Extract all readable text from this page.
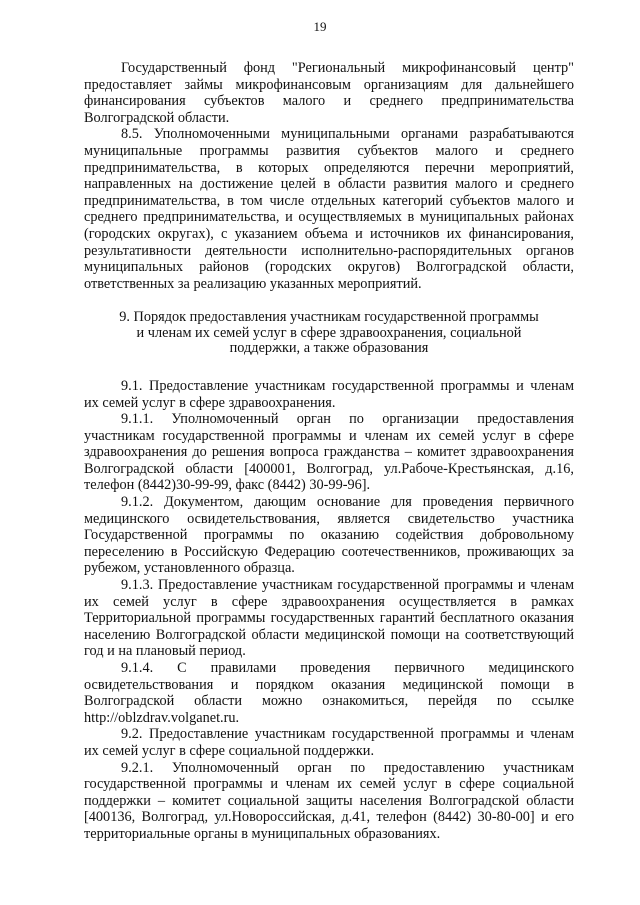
19

Государственный фонд "Региональный микрофинансовый центр" предоставляет займы микрофинансовым организациям для дальнейшего финансирования субъектов малого и среднего предпринимательства Волгоградской области.

8.5. Уполномоченными муниципальными органами разрабатываются муниципальные программы развития субъектов малого и среднего предпринимательства, в которых определяются перечни мероприятий, направленных на достижение целей в области развития малого и среднего предпринимательства, в том числе отдельных категорий субъектов малого и среднего предпринимательства, и осуществляемых в муниципальных районах (городских округах), с указанием объема и источников их финансирования, результативности деятельности исполнительно-распорядительных органов муниципальных районов (городских округов) Волгоградской области, ответственных за реализацию указанных мероприятий.

9. Порядок предоставления участникам государственной программы
и членам их семей услуг в сфере здравоохранения, социальной
поддержки, а также образования

9.1. Предоставление участникам государственной программы и членам их семей услуг в сфере здравоохранения.

9.1.1. Уполномоченный орган по организации предоставления участникам государственной программы и членам их семей услуг в сфере здравоохранения до решения вопроса гражданства – комитет здравоохранения Волгоградской области [400001, Волгоград, ул.Рабоче-Крестьянская, д.16, телефон (8442)30-99-99, факс (8442) 30-99-96].

9.1.2. Документом, дающим основание для проведения первичного медицинского освидетельствования, является свидетельство участника Государственной программы по оказанию содействия добровольному переселению в Российскую Федерацию соотечественников, проживающих за рубежом, установленного образца.

9.1.3. Предоставление участникам государственной программы и членам их семей услуг в сфере здравоохранения осуществляется в рамках Территориальной программы государственных гарантий бесплатного оказания населению Волгоградской области медицинской помощи на соответствующий год и на плановый период.

9.1.4. С правилами проведения первичного медицинского освидетельствования и порядком оказания медицинской помощи в Волгоградской области можно ознакомиться, перейдя по ссылке http://oblzdrav.volganet.ru.

9.2. Предоставление участникам государственной программы и членам их семей услуг в сфере социальной поддержки.

9.2.1. Уполномоченный орган по предоставлению участникам государственной программы и членам их семей услуг в сфере социальной поддержки – комитет социальной защиты населения Волгоградской области [400136, Волгоград, ул.Новороссийская, д.41, телефон (8442) 30-80-00] и его территориальные органы в муниципальных образованиях.
